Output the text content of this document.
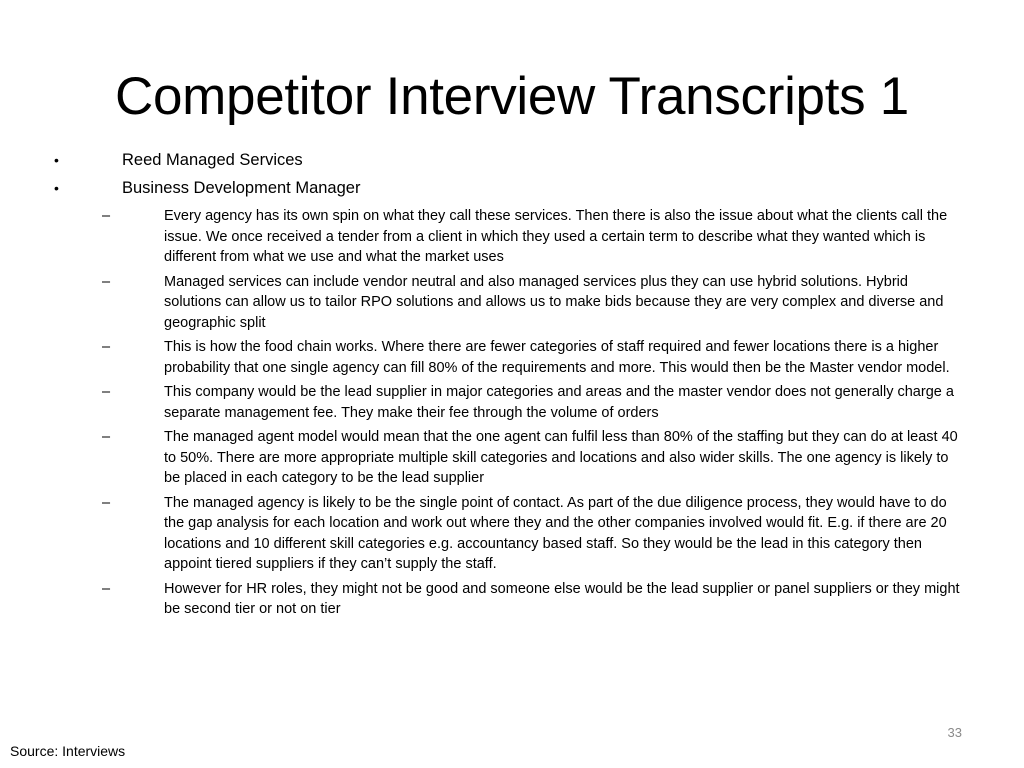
Competitor Interview Transcripts 1
•	Reed Managed Services
•	Business Development Manager
–	Every agency has its own spin on what they call these services. Then there is also the issue about what the clients call the issue. We once received a tender from a client in which they used a certain term to describe what they wanted which is different from what we use and what the market uses
–	Managed services can include vendor neutral and also managed services plus they can use hybrid solutions. Hybrid solutions can allow us to tailor RPO solutions and allows us to make bids because they are very complex and diverse and geographic split
–	This is how the food chain works. Where there are fewer categories of staff required and fewer locations there is a higher probability that one single agency can fill 80% of the requirements and more. This would then be the Master vendor model.
–	This company would be the lead supplier in major categories and areas and the master vendor does not generally charge a separate management fee. They make their fee through the volume of orders
–	The managed agent model would mean that the one agent can fulfil less than 80% of the staffing but they can do at least 40 to 50%. There are more appropriate multiple skill categories and locations and also wider skills. The one agency is likely to be placed in each category to be the lead supplier
–	The managed agency is likely to be the single point of contact. As part of the due diligence process, they would have to do the gap analysis for each location and work out where they and the other companies involved would fit. E.g. if there are 20 locations and 10 different skill categories e.g. accountancy based staff. So they would be the lead in this category then appoint tiered suppliers if they can’t supply the staff.
–	However for HR roles, they might not be good and someone else would be the lead supplier or panel suppliers or they might be second tier or not on tier
33
Source: Interviews
